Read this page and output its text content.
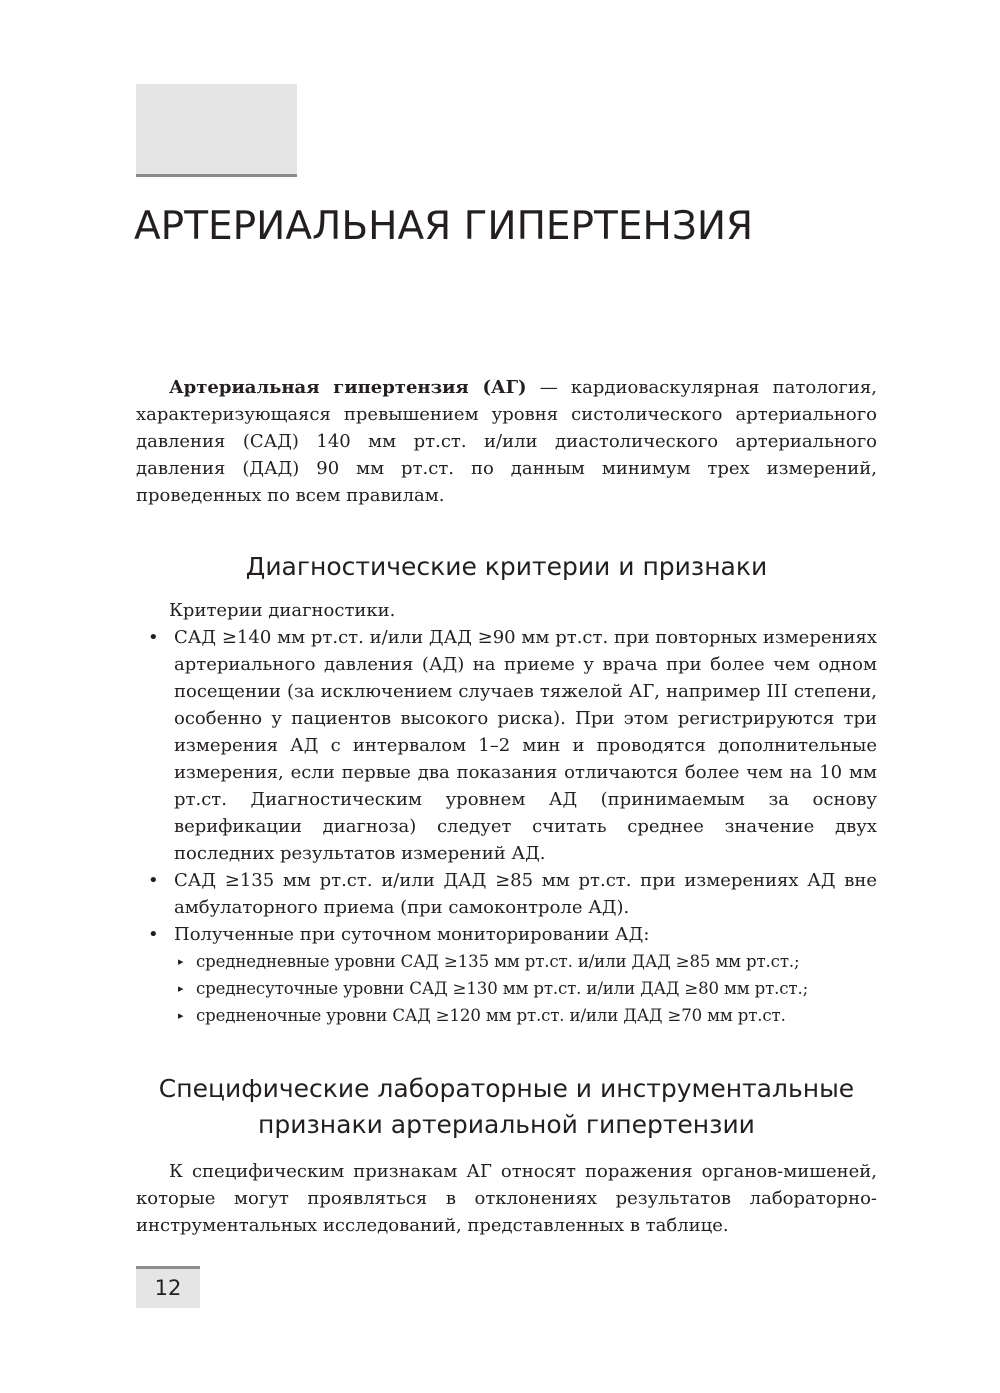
АРТЕРИАЛЬНАЯ ГИПЕРТЕНЗИЯ

Артериальная гипертензия (АГ) — кардиоваскулярная патология, характеризующаяся превышением уровня систолического артериального давления (САД) 140 мм рт.ст. и/или диастолического артериального давления (ДАД) 90 мм рт.ст. по данным минимум трех измерений, проведенных по всем правилам.

Диагностические критерии и признаки

Критерии диагностики.

• САД ≥140 мм рт.ст. и/или ДАД ≥90 мм рт.ст. при повторных измерениях артериального давления (АД) на приеме у врача при более чем одном посещении (за исключением случаев тяжелой АГ, например III степени, особенно у пациентов высокого риска). При этом регистрируются три измерения АД с интервалом 1–2 мин и проводятся дополнительные измерения, если первые два показания отличаются более чем на 10 мм рт.ст. Диагностическим уровнем АД (принимаемым за основу верификации диагноза) следует считать среднее значение двух последних результатов измерений АД.
• САД ≥135 мм рт.ст. и/или ДАД ≥85 мм рт.ст. при измерениях АД вне амбулаторного приема (при самоконтроле АД).
• Полученные при суточном мониторировании АД:
▸ среднедневные уровни САД ≥135 мм рт.ст. и/или ДАД ≥85 мм рт.ст.;
▸ среднесуточные уровни САД ≥130 мм рт.ст. и/или ДАД ≥80 мм рт.ст.;
▸ средненочные уровни САД ≥120 мм рт.ст. и/или ДАД ≥70 мм рт.ст.
Специфические лабораторные и инструментальные признаки артериальной гипертензии

К специфическим признакам АГ относят поражения органов-мишеней, которые могут проявляться в отклонениях результатов лабораторно-инструментальных исследований, представленных в таблице.

12
